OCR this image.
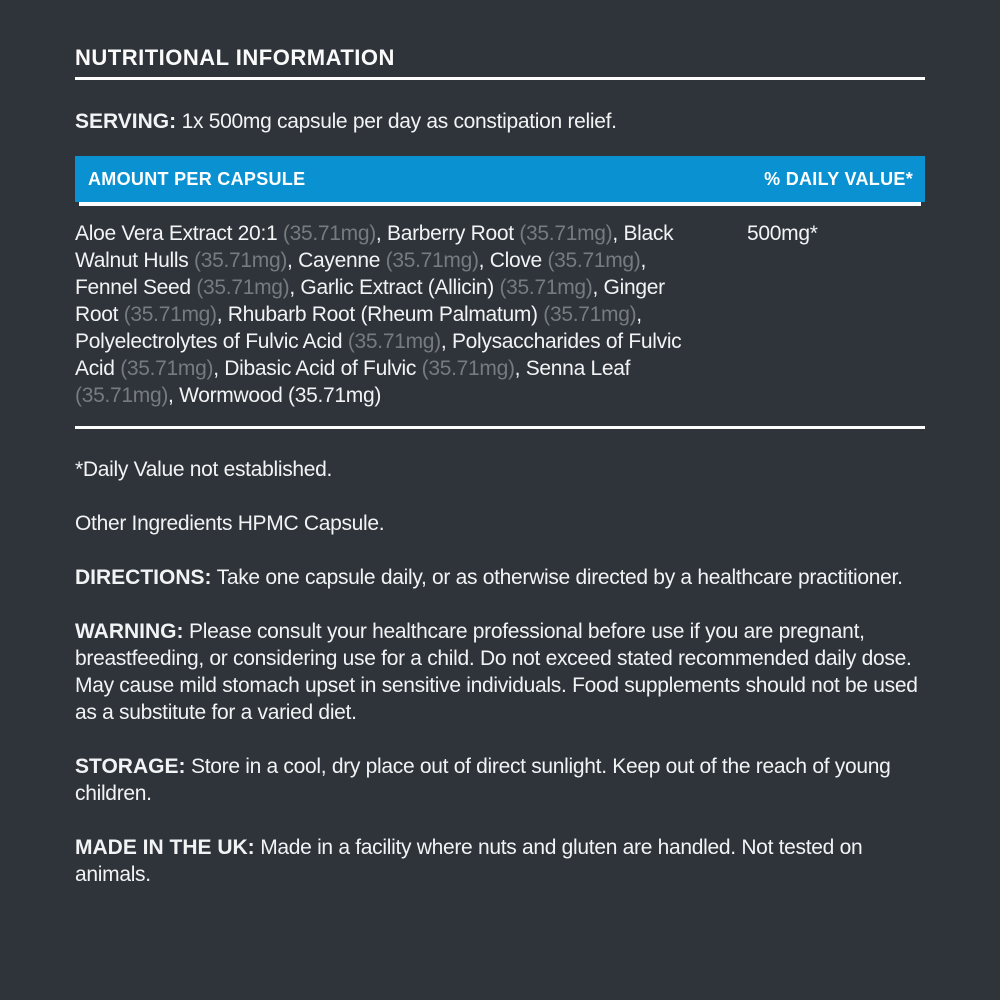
NUTRITIONAL INFORMATION

SERVING: 1x 500mg capsule per day as constipation relief.

AMOUNT PER CAPSULE	% DAILY VALUE*

Aloe Vera Extract 20:1 (35.71mg), Barberry Root (35.71mg), Black Walnut Hulls (35.71mg), Cayenne (35.71mg), Clove (35.71mg), Fennel Seed (35.71mg), Garlic Extract (Allicin) (35.71mg), Ginger Root (35.71mg), Rhubarb Root (Rheum Palmatum) (35.71mg), Polyelectrolytes of Fulvic Acid (35.71mg), Polysaccharides of Fulvic Acid (35.71mg), Dibasic Acid of Fulvic (35.71mg), Senna Leaf (35.71mg), Wormwood (35.71mg)

500mg*

*Daily Value not established.

Other Ingredients HPMC Capsule.

DIRECTIONS: Take one capsule daily, or as otherwise directed by a healthcare practitioner.

WARNING: Please consult your healthcare professional before use if you are pregnant, breastfeeding, or considering use for a child. Do not exceed stated recommended daily dose. May cause mild stomach upset in sensitive individuals. Food supplements should not be used as a substitute for a varied diet.

STORAGE: Store in a cool, dry place out of direct sunlight. Keep out of the reach of young children.

MADE IN THE UK: Made in a facility where nuts and gluten are handled. Not tested on animals.
